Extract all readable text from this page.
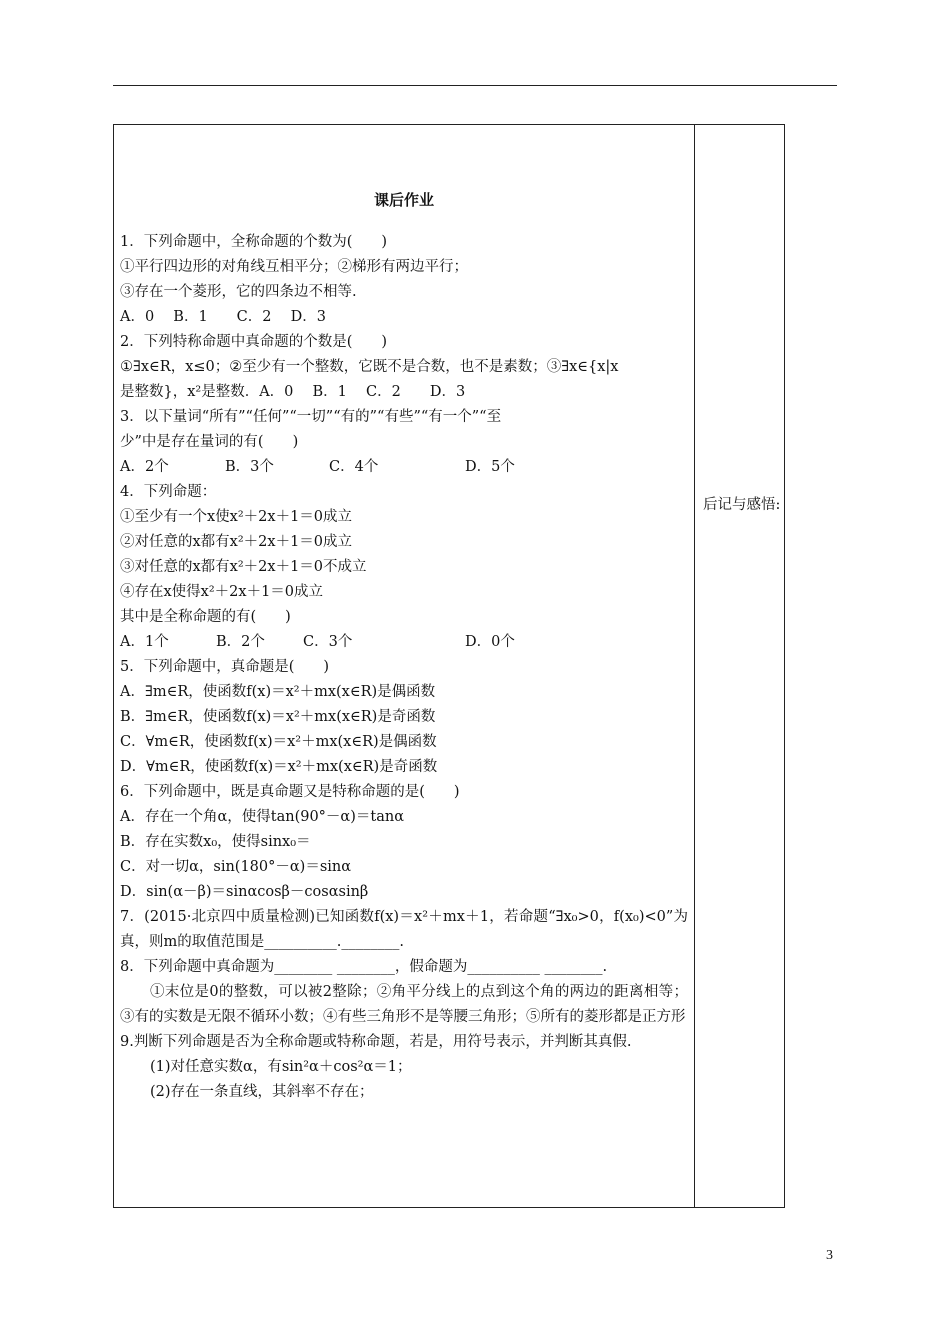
课后作业
1．下列命题中，全称命题的个数为(　　)
①平行四边形的对角线互相平分；②梯形有两边平行；
③存在一个菱形，它的四条边不相等.
A．0　 B．1　　C．2　 D．3
2．下列特称命题中真命题的个数是(　　)
①∃x∈R，x≤0；②至少有一个整数，它既不是合数，也不是素数；③∃x∈{x|x
是整数}，x²是整数．A．0　 B．1　 C．2　　D．3
3．以下量词“所有”“任何”“一切”“有的”“有些”“有一个”“至
少”中是存在量词的有(　　)
A．2个	B．3个	C．4个	D．5个
4．下列命题：
①至少有一个x使x²＋2x＋1＝0成立
②对任意的x都有x²＋2x＋1＝0成立
③对任意的x都有x²＋2x＋1＝0不成立
④存在x使得x²＋2x＋1＝0成立
其中是全称命题的有(　　)
A．1个	B．2个	C．3个	D．0个
5．下列命题中，真命题是(　　)
A．∃m∈R，使函数f(x)＝x²＋mx(x∈R)是偶函数
B．∃m∈R，使函数f(x)＝x²＋mx(x∈R)是奇函数
C．∀m∈R，使函数f(x)＝x²＋mx(x∈R)是偶函数
D．∀m∈R，使函数f(x)＝x²＋mx(x∈R)是奇函数
6．下列命题中，既是真命题又是特称命题的是(　　)
A．存在一个角α，使得tan(90°－α)＝tanα
B．存在实数x₀，使得sinx₀＝
C．对一切α，sin(180°－α)＝sinα
D．sin(α－β)＝sinαcosβ－cosαsinβ
7．(2015·北京四中质量检测)已知函数f(x)＝x²＋mx＋1，若命题“∃x₀>0，f(x₀)<0”为真，则m的取值范围是__________.________.
8．下列命题中真命题为________ ________，假命题为__________ ________.
①末位是0的整数，可以被2整除；②角平分线上的点到这个角的两边的距离相等；③有的实数是无限不循环小数；④有些三角形不是等腰三角形；⑤所有的菱形都是正方形
9.判断下列命题是否为全称命题或特称命题，若是，用符号表示，并判断其真假.
(1)对任意实数α，有sin²α＋cos²α＝1；
(2)存在一条直线，其斜率不存在；
后记与感悟:
3
